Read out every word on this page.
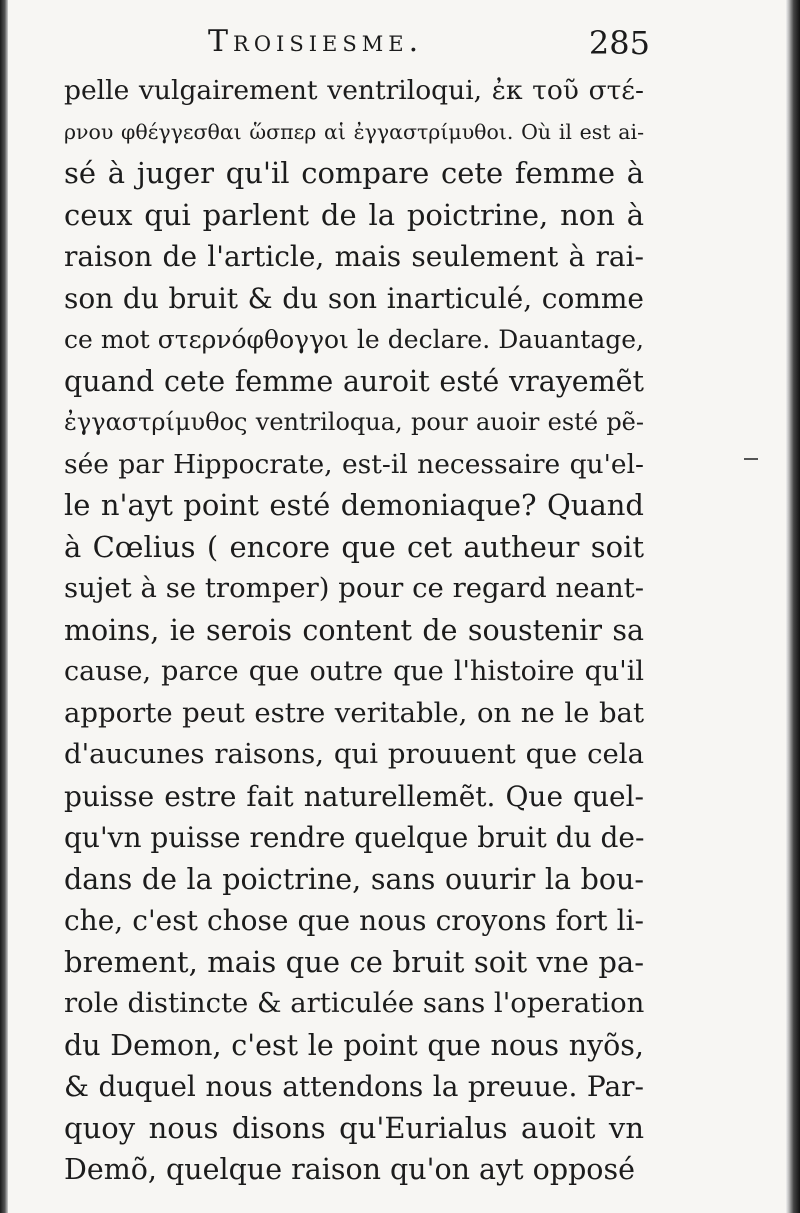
Troisiesme.	285
pelle vulgairement ventriloqui, ἐκ τοῦ στέ-
ρνου φθέγγεσθαι ὥσπερ αἱ ἐγγαστρίμυθοι. Où il est ai-
sé à juger qu'il compare cete femme à
ceux qui parlent de la poictrine, non à
raison de l'article, mais seulement à rai-
son du bruit & du son inarticulé, comme
ce mot στερνόφθογγοι le declare. Dauantage,
quand cete femme auroit esté vrayemẽt
ἐγγαστρίμυθος ventriloqua, pour auoir esté pẽ-
sée par Hippocrate, est-il necessaire qu'el-
le n'ayt point esté demoniaque? Quand
à Cœlius ( encore que cet autheur soit
sujet à se tromper) pour ce regard neant-
moins, ie serois content de soustenir sa
cause, parce que outre que l'histoire qu'il
apporte peut estre veritable, on ne le bat
d'aucunes raisons, qui prouuent que cela
puisse estre fait naturellemẽt. Que quel-
qu'vn puisse rendre quelque bruit du de-
dans de la poictrine, sans ouurir la bou-
che, c'est chose que nous croyons fort li-
brement, mais que ce bruit soit vne pa-
role distincte & articulée sans l'operation
du Demon, c'est le point que nous nyõs,
& duquel nous attendons la preuue. Par-
quoy nous disons qu'Eurialus auoit vn
Demõ, quelque raison qu'on ayt opposé
